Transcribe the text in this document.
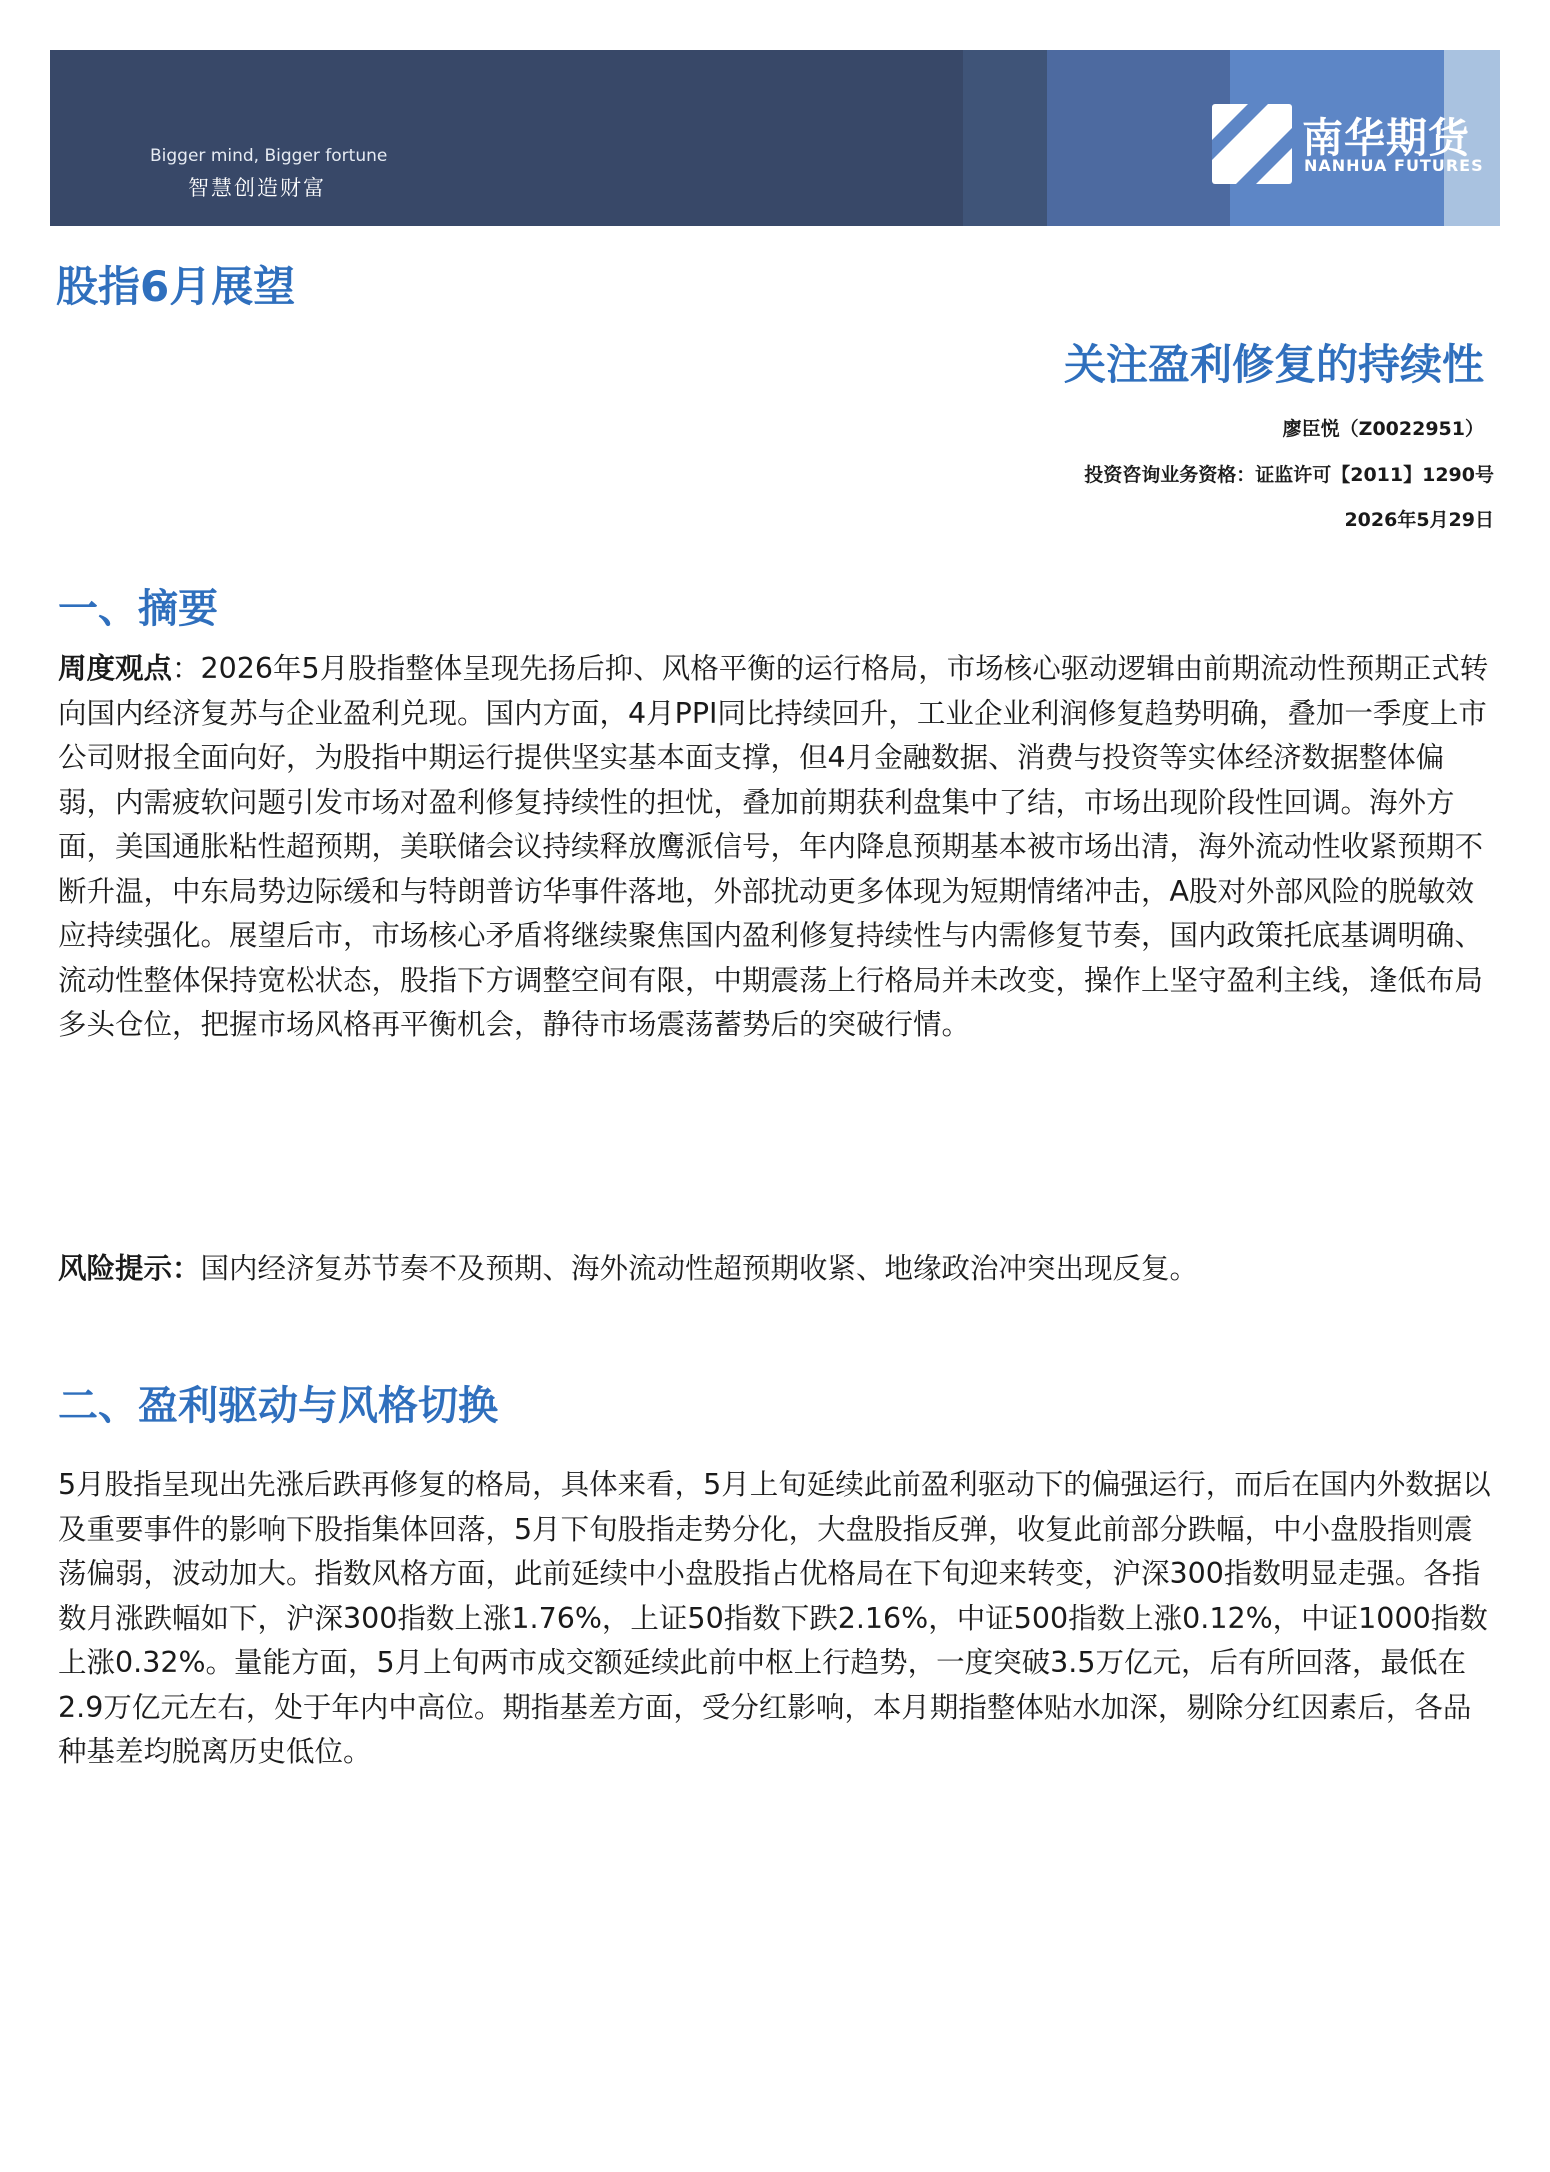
Bigger mind, Bigger fortune
智慧创造财富
南华期货
NANHUA FUTURES
股指6月展望
关注盈利修复的持续性
廖臣悦（Z0022951）
投资咨询业务资格：证监许可【2011】1290号
2026年5月29日
一、摘要

周度观点：2026年5月股指整体呈现先扬后抑、风格平衡的运行格局，市场核心驱动逻辑由前期流动性预期正式转向国内经济复苏与企业盈利兑现。国内方面，4月PPI同比持续回升，工业企业利润修复趋势明确，叠加一季度上市公司财报全面向好，为股指中期运行提供坚实基本面支撑，但4月金融数据、消费与投资等实体经济数据整体偏弱，内需疲软问题引发市场对盈利修复持续性的担忧，叠加前期获利盘集中了结，市场出现阶段性回调。海外方面，美国通胀粘性超预期，美联储会议持续释放鹰派信号，年内降息预期基本被市场出清，海外流动性收紧预期不断升温，中东局势边际缓和与特朗普访华事件落地，外部扰动更多体现为短期情绪冲击，A股对外部风险的脱敏效应持续强化。展望后市，市场核心矛盾将继续聚焦国内盈利修复持续性与内需修复节奏，国内政策托底基调明确、流动性整体保持宽松状态，股指下方调整空间有限，中期震荡上行格局并未改变，操作上坚守盈利主线，逢低布局多头仓位，把握市场风格再平衡机会，静待市场震荡蓄势后的突破行情。

风险提示：国内经济复苏节奏不及预期、海外流动性超预期收紧、地缘政治冲突出现反复。

二、盈利驱动与风格切换

5月股指呈现出先涨后跌再修复的格局，具体来看，5月上旬延续此前盈利驱动下的偏强运行，而后在国内外数据以及重要事件的影响下股指集体回落，5月下旬股指走势分化，大盘股指反弹，收复此前部分跌幅，中小盘股指则震荡偏弱，波动加大。指数风格方面，此前延续中小盘股指占优格局在下旬迎来转变，沪深300指数明显走强。各指数月涨跌幅如下，沪深300指数上涨1.76%，上证50指数下跌2.16%，中证500指数上涨0.12%，中证1000指数上涨0.32%。量能方面，5月上旬两市成交额延续此前中枢上行趋势，一度突破3.5万亿元，后有所回落，最低在2.9万亿元左右，处于年内中高位。期指基差方面，受分红影响，本月期指整体贴水加深，剔除分红因素后，各品种基差均脱离历史低位。
